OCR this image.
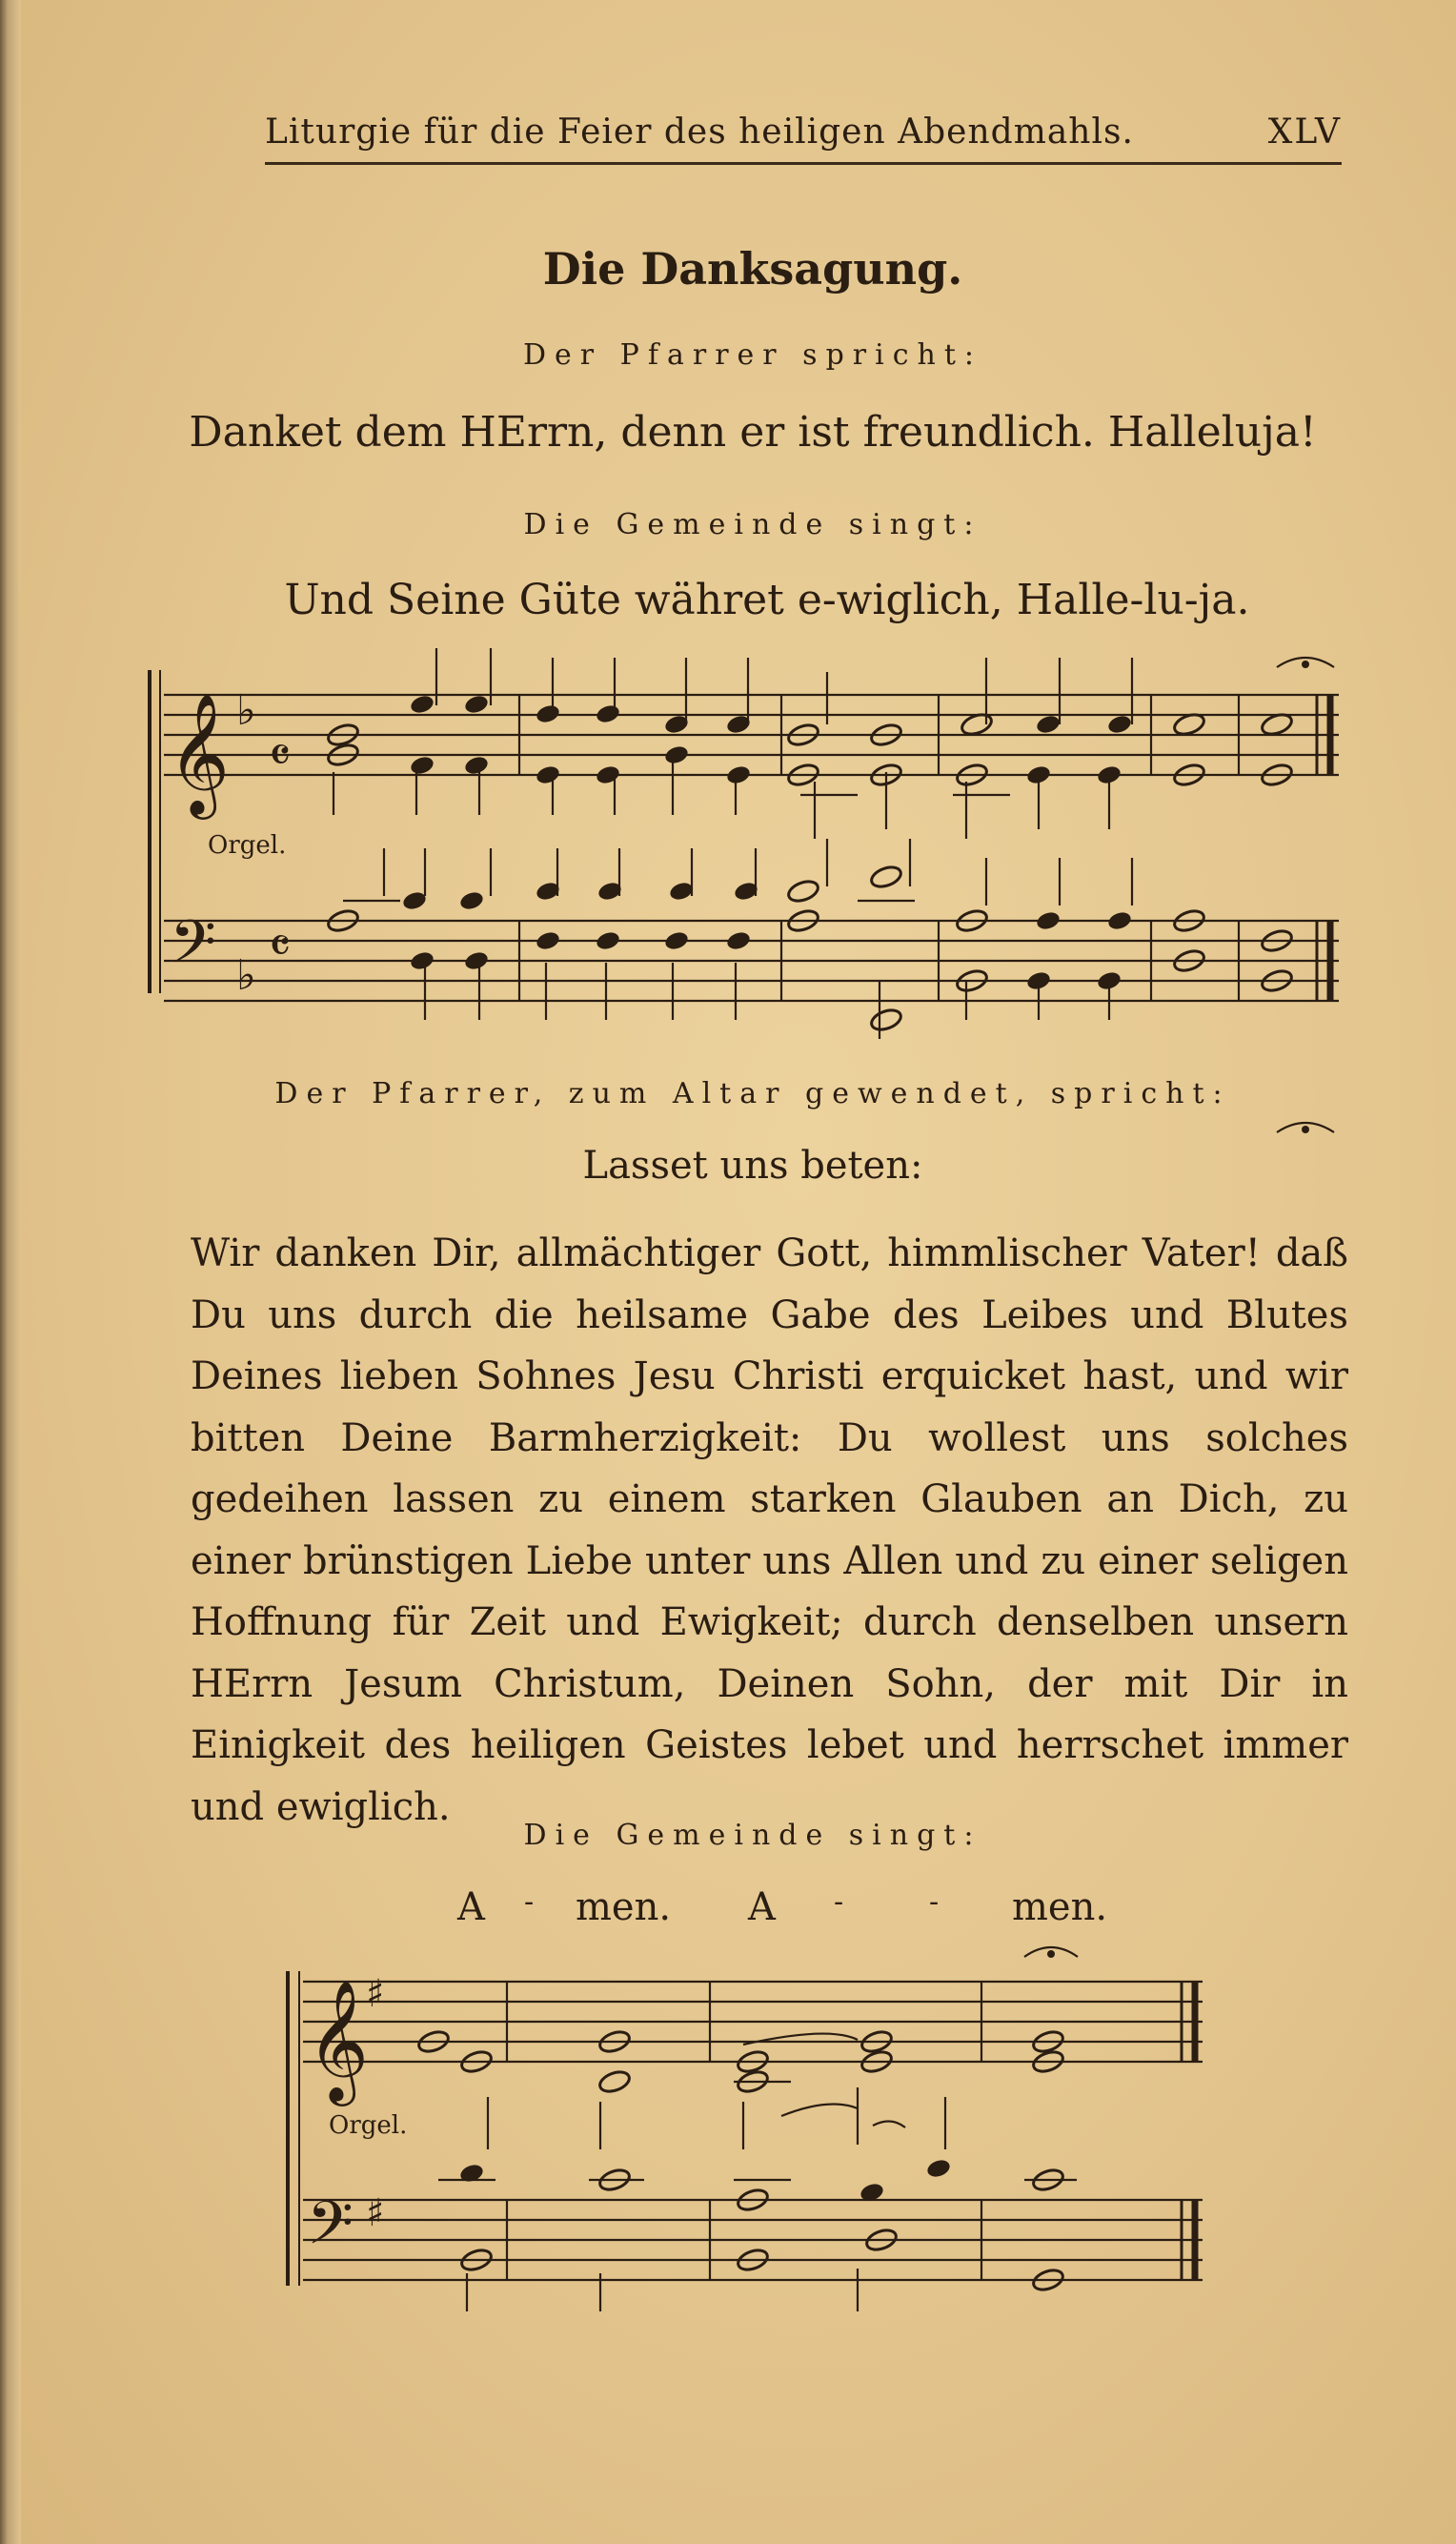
Liturgie für die Feier des heiligen Abendmahls.	XLV
Die Danksagung.
Der Pfarrer spricht:
Danket dem HErrn, denn er ist freundlich. Halleluja!
Die Gemeinde singt:
Und Seine Güte währet e-wiglich, Halle-lu-ja.
𝄞 ♭
𝄴
𝄢 ♭
𝄴
Orgel.
Der Pfarrer, zum Altar gewendet, spricht:
Lasset uns beten:
Wir danken Dir, allmächtiger Gott, himmlischer Vater! daß Du uns durch die heilsame Gabe des Leibes und Blutes Deines lieben Sohnes Jesu Christi erquicket hast, und wir bitten Deine Barmherzigkeit: Du wollest uns solches gedeihen lassen zu einem starken Glauben an Dich, zu einer brünstigen Liebe unter uns Allen und zu einer seligen Hoffnung für Zeit und Ewigkeit; durch denselben unsern HErrn Jesum Christum, Deinen Sohn, der mit Dir in Einigkeit des heiligen Geistes lebet und herrschet immer und ewiglich.
Die Gemeinde singt:
A - men. A -	- men.
𝄞
♯
𝄢 ♯
Orgel.
